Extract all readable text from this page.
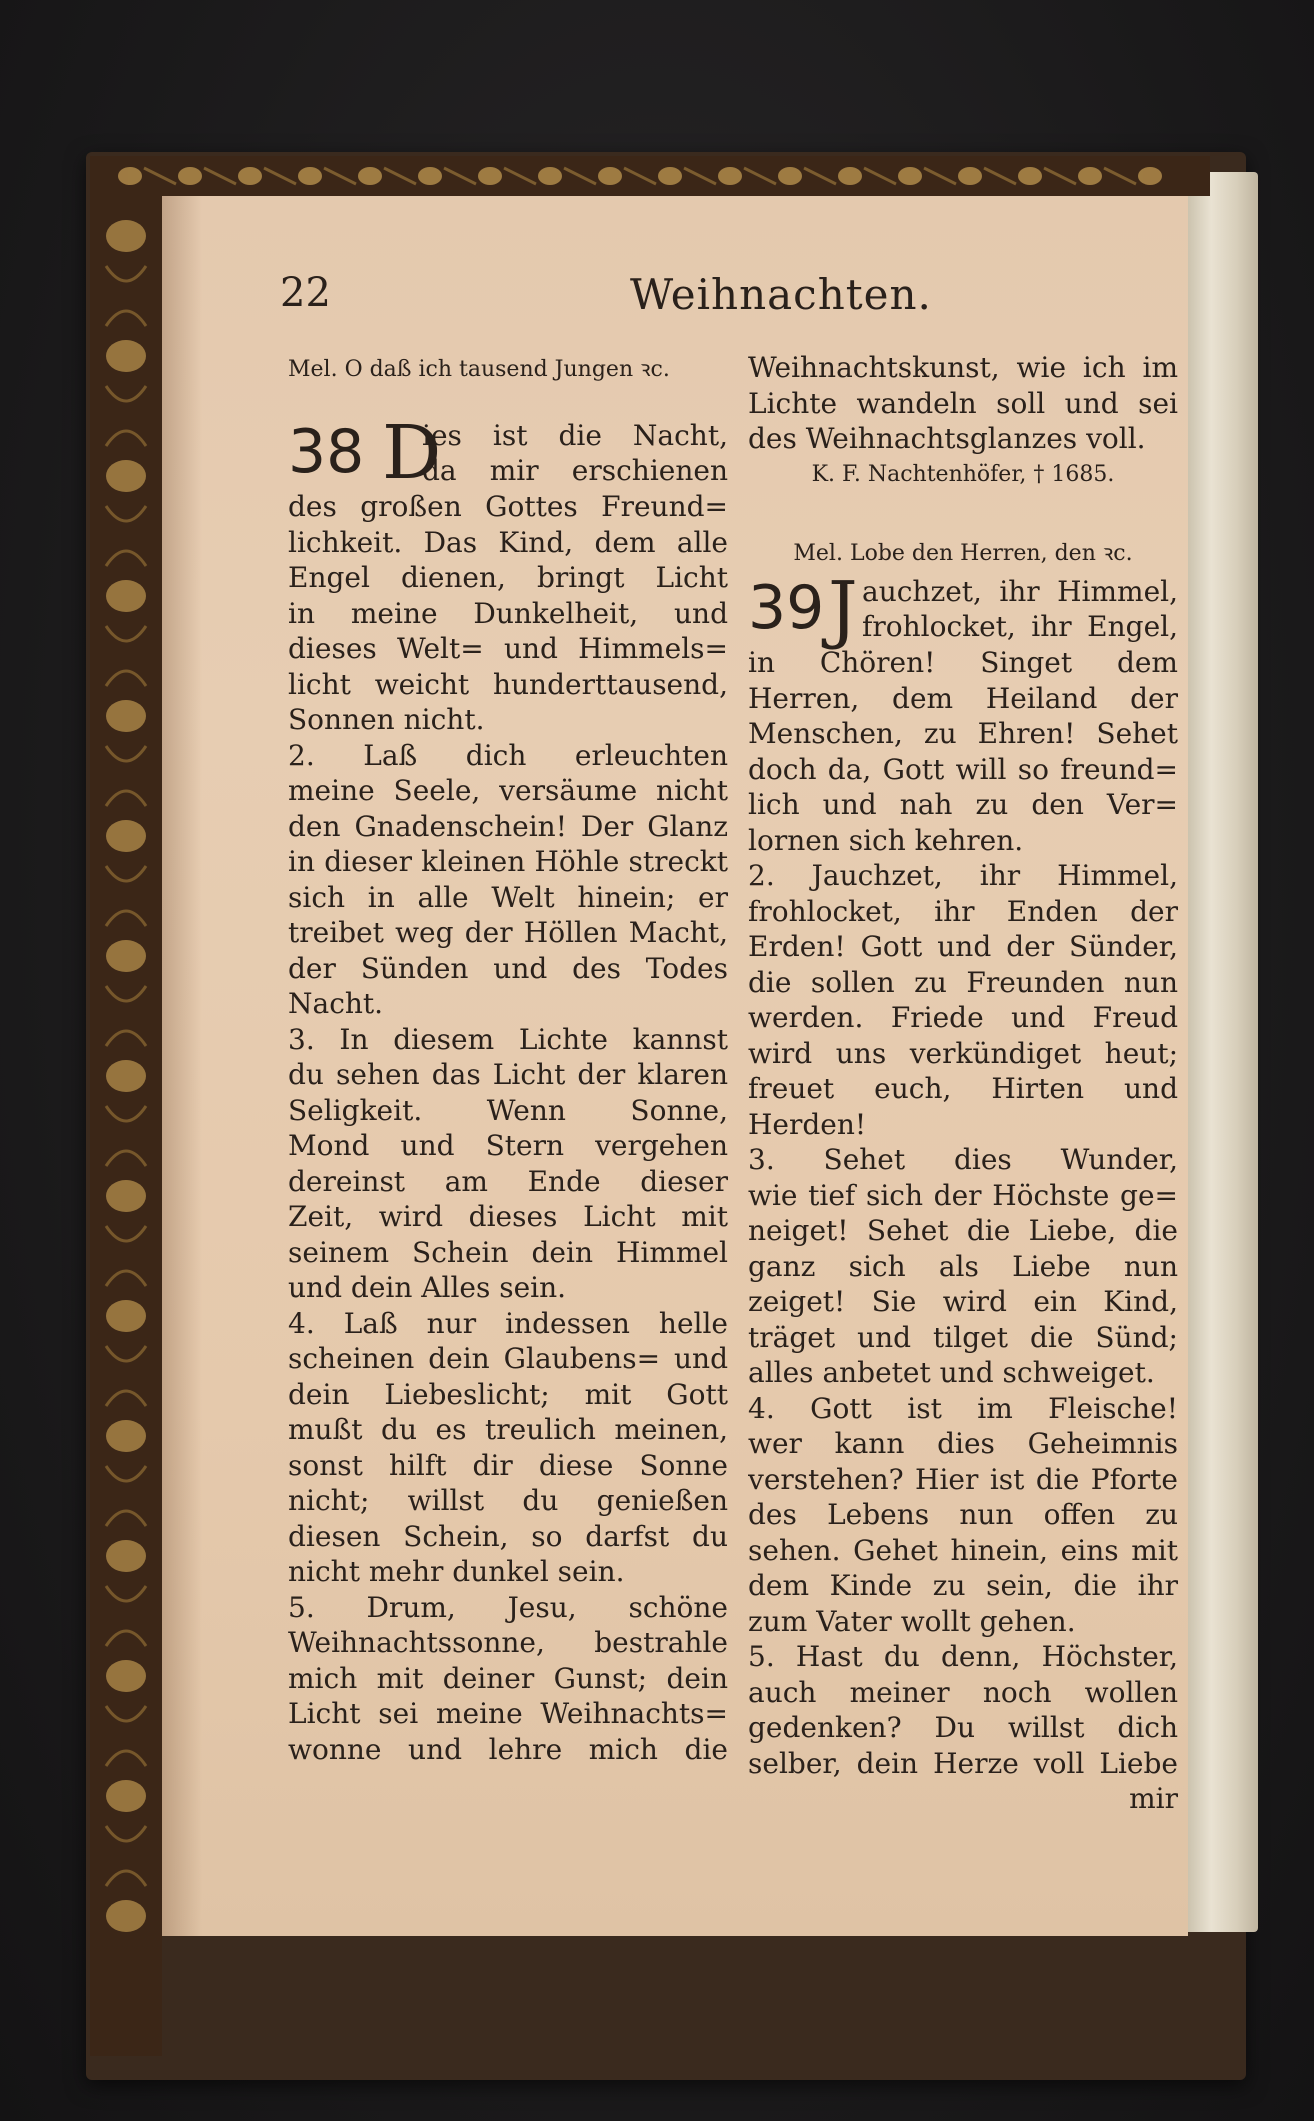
22	Weihnachten.
Mel. O daß ich tausend Jungen ꝛc.
38 D
ies ist die Nacht,
da mir erschienen
des großen Gottes Freund=
lichkeit. Das Kind, dem alle
Engel dienen, bringt Licht
in meine Dunkelheit, und
dieses Welt= und Himmels=
licht weicht hunderttausend,
Sonnen nicht.
2. Laß dich erleuchten
meine Seele, versäume nicht
den Gnadenschein! Der Glanz
in dieser kleinen Höhle streckt
sich in alle Welt hinein; er
treibet weg der Höllen Macht,
der Sünden und des Todes
Nacht.
3. In diesem Lichte kannst
du sehen das Licht der klaren
Seligkeit. Wenn Sonne,
Mond und Stern vergehen
dereinst am Ende dieser
Zeit, wird dieses Licht mit
seinem Schein dein Himmel
und dein Alles sein.
4. Laß nur indessen helle
scheinen dein Glaubens= und
dein Liebeslicht; mit Gott
mußt du es treulich meinen,
sonst hilft dir diese Sonne
nicht; willst du genießen
diesen Schein, so darfst du
nicht mehr dunkel sein.
5. Drum, Jesu, schöne
Weihnachtssonne, bestrahle
mich mit deiner Gunst; dein
Licht sei meine Weihnachts=
wonne und lehre mich die
Weihnachtskunst, wie ich im
Lichte wandeln soll und sei
des Weihnachtsglanzes voll.
K. F. Nachtenhöfer, † 1685.
Mel. Lobe den Herren, den ꝛc.
39 J auchzet, ihr Himmel,
frohlocket, ihr Engel,
in Chören! Singet dem
Herren, dem Heiland der
Menschen, zu Ehren! Sehet
doch da, Gott will so freund=
lich und nah zu den Ver=
lornen sich kehren.
2. Jauchzet, ihr Himmel,
frohlocket, ihr Enden der
Erden! Gott und der Sünder,
die sollen zu Freunden nun
werden. Friede und Freud
wird uns verkündiget heut;
freuet euch, Hirten und
Herden!
3. Sehet dies Wunder,
wie tief sich der Höchste ge=
neiget! Sehet die Liebe, die
ganz sich als Liebe nun
zeiget! Sie wird ein Kind,
träget und tilget die Sünd;
alles anbetet und schweiget.
4. Gott ist im Fleische!
wer kann dies Geheimnis
verstehen? Hier ist die Pforte
des Lebens nun offen zu
sehen. Gehet hinein, eins mit
dem Kinde zu sein, die ihr
zum Vater wollt gehen.
5. Hast du denn, Höchster,
auch meiner noch wollen
gedenken? Du willst dich
selber, dein Herze voll Liebe
mir
